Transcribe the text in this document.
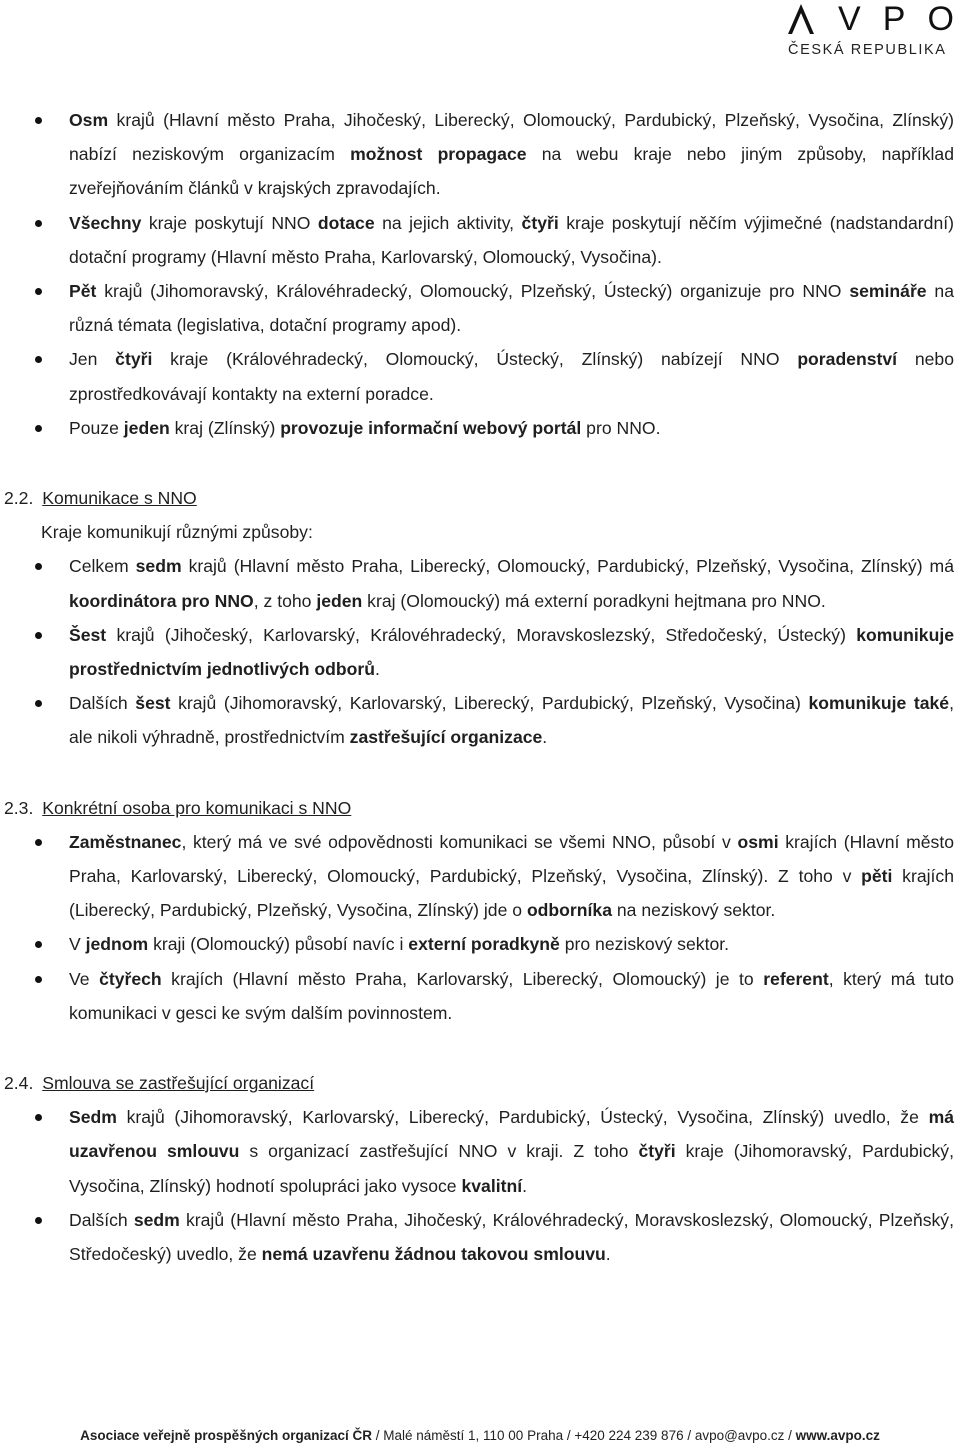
V P O
ČESKÁ REPUBLIKA
Osm krajů (Hlavní město Praha, Jihočeský, Liberecký, Olomoucký, Pardubický, Plzeňský, Vysočina, Zlínský) nabízí neziskovým organizacím možnost propagace na webu kraje nebo jiným způsoby, například zveřejňováním článků v krajských zpravodajích.
Všechny kraje poskytují NNO dotace na jejich aktivity, čtyři kraje poskytují něčím výjimečné (nadstandardní) dotační programy (Hlavní město Praha, Karlovarský, Olomoucký, Vysočina).
Pět krajů (Jihomoravský, Královéhradecký, Olomoucký, Plzeňský, Ústecký) organizuje pro NNO semináře na různá témata (legislativa, dotační programy apod).
Jen čtyři kraje (Královéhradecký, Olomoucký, Ústecký, Zlínský) nabízejí NNO poradenství nebo zprostředkovávají kontakty na externí poradce.
Pouze jeden kraj (Zlínský) provozuje informační webový portál pro NNO.
2.2. Komunikace s NNO
Kraje komunikují různými způsoby:
Celkem sedm krajů (Hlavní město Praha, Liberecký, Olomoucký, Pardubický, Plzeňský, Vysočina, Zlínský) má koordinátora pro NNO, z toho jeden kraj (Olomoucký) má externí poradkyni hejtmana pro NNO.
Šest krajů (Jihočeský, Karlovarský, Královéhradecký, Moravskoslezský, Středočeský, Ústecký) komunikuje prostřednictvím jednotlivých odborů.
Dalších šest krajů (Jihomoravský, Karlovarský, Liberecký, Pardubický, Plzeňský, Vysočina) komunikuje také, ale nikoli výhradně, prostřednictvím zastřešující organizace.
2.3. Konkrétní osoba pro komunikaci s NNO
Zaměstnanec, který má ve své odpovědnosti komunikaci se všemi NNO, působí v osmi krajích (Hlavní město Praha, Karlovarský, Liberecký, Olomoucký, Pardubický, Plzeňský, Vysočina, Zlínský). Z toho v pěti krajích (Liberecký, Pardubický, Plzeňský, Vysočina, Zlínský) jde o odborníka na neziskový sektor.
V jednom kraji (Olomoucký) působí navíc i externí poradkyně pro neziskový sektor.
Ve čtyřech krajích (Hlavní město Praha, Karlovarský, Liberecký, Olomoucký) je to referent, který má tuto komunikaci v gesci ke svým dalším povinnostem.
2.4. Smlouva se zastřešující organizací
Sedm krajů (Jihomoravský, Karlovarský, Liberecký, Pardubický, Ústecký, Vysočina, Zlínský) uvedlo, že má uzavřenou smlouvu s organizací zastřešující NNO v kraji. Z toho čtyři kraje (Jihomoravský, Pardubický, Vysočina, Zlínský) hodnotí spolupráci jako vysoce kvalitní.
Dalších sedm krajů (Hlavní město Praha, Jihočeský, Královéhradecký, Moravskoslezský, Olomoucký, Plzeňský, Středočeský) uvedlo, že nemá uzavřenu žádnou takovou smlouvu.
Asociace veřejně prospěšných organizací ČR / Malé náměstí 1, 110 00 Praha / +420 224 239 876 / avpo@avpo.cz / www.avpo.cz
